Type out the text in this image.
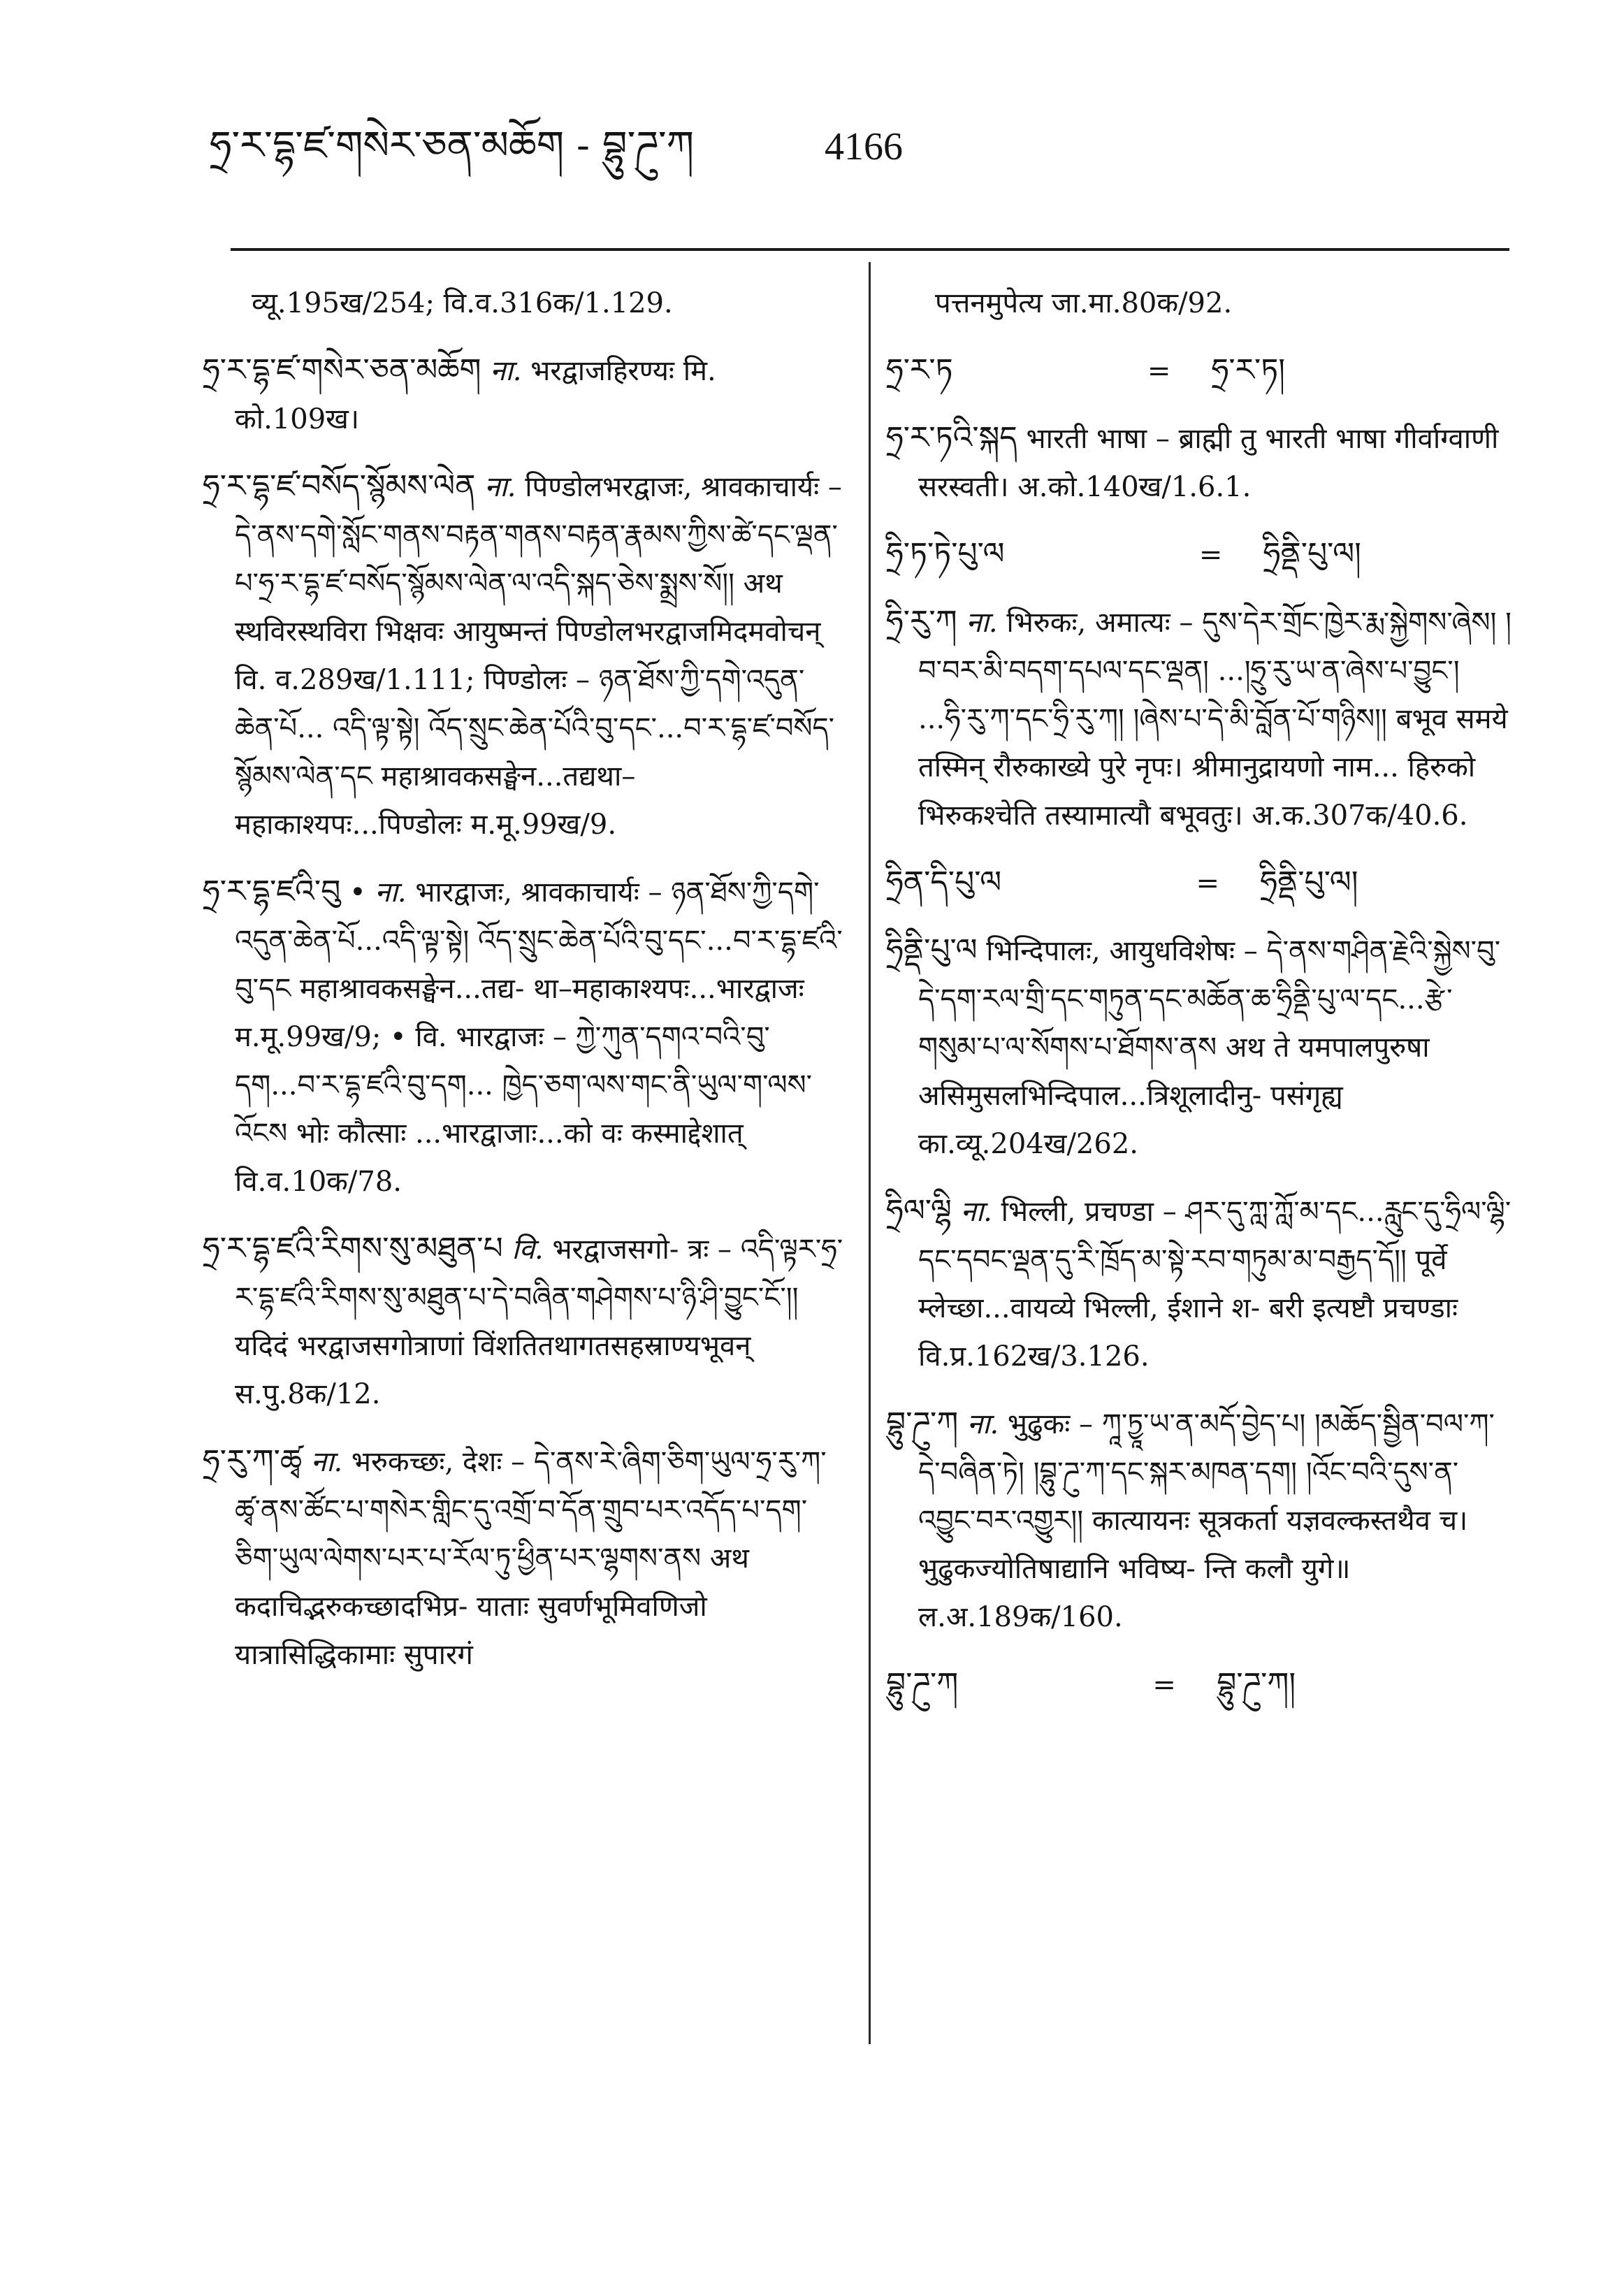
ཧྲ་ར་དྷ་ཛ་གསེར་ཅན་མཆོག - བྷུ་ཌུ་ཀ	4166
व्यू.195ख/254; वि.व.316क/1.129.
ཧྲ་ར་དྷ་ཛ་གསེར་ཅན་མཆོག ना. भरद्वाजहिरण्यः मि. को.109ख।
ཧྲ་ར་དྷ་ཛ་བསོད་སྙོམས་ལེན ना. पिण्डोलभरद्वाजः, श्रावकाचार्यः – དེ་ནས་དགེ་སློང་གནས་བརྟན་གནས་བརྟན་རྣམས་ཀྱིས་ཚེ་དང་ལྡན་པ་ཧྲ་ར་དྷ་ཛ་བསོད་སྙོམས་ལེན་ལ་འདི་སྐད་ཅེས་སྨྲས་སོ།། अथ स्थविरस्थविरा भिक्षवः आयुष्मन्तं पिण्डोलभरद्वाजमिदमवोचन् वि. व.289ख/1.111; पिण्डोलः – ཉན་ཐོས་ཀྱི་དགེ་འདུན་ཆེན་པོ... འདི་ལྟ་སྟེ། འོད་སྲུང་ཆེན་པོའི་བུ་དང་...བ་ར་དྷ་ཛ་བསོད་སྙོམས་ལེན་དང महाश्रावकसङ्घेन...तद्यथा– महाकाश्यपः...पिण्डोलः म.मू.99ख/9.
ཧྲ་ར་དྷ་ཛའི་བུ • ना. भारद्वाजः, श्रावकाचार्यः – ཉན་ཐོས་ཀྱི་དགེ་འདུན་ཆེན་པོ...འདི་ལྟ་སྟེ། འོད་སྲུང་ཆེན་པོའི་བུ་དང་...བ་ར་དྷ་ཛའི་བུ་དང महाश्रावकसङ्घेन...तद्य- था–महाकाश्यपः...भारद्वाजः म.मू.99ख/9; • वि. भारद्वाजः – ཀྱེ་ཀུན་དགའ་བའི་བུ་དག...བ་ར་དྷ་ཛའི་བུ་དག... ཁྱེད་ཅག་ལས་གང་ནི་ཡུལ་ག་ལས་འོངས भोः कौत्साः ...भारद्वाजाः...को वः कस्माद्देशात् वि.व.10क/78.
ཧྲ་ར་དྷ་ཛའི་རིགས་སུ་མཐུན་པ वि. भरद्वाजसगो- त्रः – འདི་ལྟར་ཧྲ་ར་དྷ་ཛའི་རིགས་སུ་མཐུན་པ་དེ་བཞིན་གཤེགས་པ་ཉི་ཤི་བྱུང་ངོ་།། यदिदं भरद्वाजसगोत्राणां विंशतितथागतसहस्राण्यभूवन् स.पु.8क/12.
ཧྲ་རུ་ཀ་ཚྭ ना. भरुकच्छः, देशः – དེ་ནས་རེ་ཞིག་ཅིག་ཡུལ་ཧྲ་རུ་ཀ་ཚྭ་ནས་ཚོང་པ་གསེར་གླིང་དུ་འགྲོ་བ་དོན་གྲུབ་པར་འདོད་པ་དག་ཅིག་ཡུལ་ལེགས་པར་པ་རོལ་ཏུ་ཕྱིན་པར་ལྷགས་ནས अथ कदाचिद्भरुकच्छादभिप्र- याताः सुवर्णभूमिवणिजो यात्रासिद्धिकामाः सुपारगं
पत्तनमुपेत्य जा.मा.80क/92.
ཧྲ་ར་ཏ	=	ཧྲ་ར་ཏ།
ཧྲ་ར་ཏའི་སྐད भारती भाषा – ब्राह्मी तु भारती भाषा गीर्वाग्वाणी सरस्वती। अ.को.140ख/1.6.1.
ཧྲི་ཏ་ཏེ་པུ་ལ	=	ཧྲིནྡི་པུ་ལ།
ཧྲི་རུ་ཀ ना. भिरुकः, अमात्यः – དུས་དེར་གྲོང་ཁྱེར་རྨ་སྐྱེགས་ཞེས། །བ་བར་མི་བདག་དཔལ་དང་ལྡན། ...།ཧྲུ་རུ་ཡ་ན་ཞེས་པ་བྱུང་། ...ཧི་རུ་ཀ་དང་ཧྲི་རུ་ཀ། །ཞེས་པ་དེ་མི་བློན་པོ་གཉིས།། बभूव समये तस्मिन् रौरुकाख्ये पुरे नृपः। श्रीमानुद्रायणो नाम... हिरुको भिरुकश्चेति तस्यामात्यौ बभूवतुः। अ.क.307क/40.6.
ཧྲིན་དི་པུ་ལ	=	ཧྲིནྡི་པུ་ལ།
ཧྲིནྡི་པུ་ལ भिन्दिपालः, आयुधविशेषः – དེ་ནས་གཤིན་རྗེའི་སྐྱེས་བུ་དེ་དག་རལ་གྲི་དང་གཏུན་དང་མཆོན་ཆ་ཧྲིནྡི་པུ་ལ་དང...རྩེ་གསུམ་པ་ལ་སོགས་པ་ཐོགས་ནས अथ ते यमपालपुरुषा असिमुसलभिन्दिपाल...त्रिशूलादीनु- पसंगृह्य का.व्यू.204ख/262.
ཧྲིལ་ལྷི ना. भिल्ली, प्रचण्डा – ཤར་དུ་ཀླ་ཀློ་མ་དང...རླུང་དུ་ཧྲིལ་ལྷི་དང་དབང་ལྡན་དུ་རི་ཁྲོད་མ་སྟེ་རབ་གཏུམ་མ་བརྒྱད་དོ།། पूर्वे म्लेच्छा...वायव्ये भिल्ली, ईशाने श- बरी इत्यष्टौ प्रचण्डाः वि.प्र.162ख/3.126.
བྷུ་ཌུ་ཀ ना. भुढुकः – ཀཱ་ཏྱཱ་ཡ་ན་མདོ་བྱེད་པ། །མཆོད་སྦྱིན་བལ་ཀ་དེ་བཞིན་ཏེ། །བྷུ་ཌུ་ཀ་དང་སྐར་མཁན་དག། །འོང་བའི་དུས་ན་འབྱུང་བར་འགྱུར།། कात्यायनः सूत्रकर्ता यज्ञवल्कस्तथैव च। भुढुकज्योतिषाद्यानि भविष्य- न्ति कलौ युगे॥ ल.अ.189क/160.
བྷུ་ཌུ་ཀ	=	བྷུ་ཌུ་ཀ།
